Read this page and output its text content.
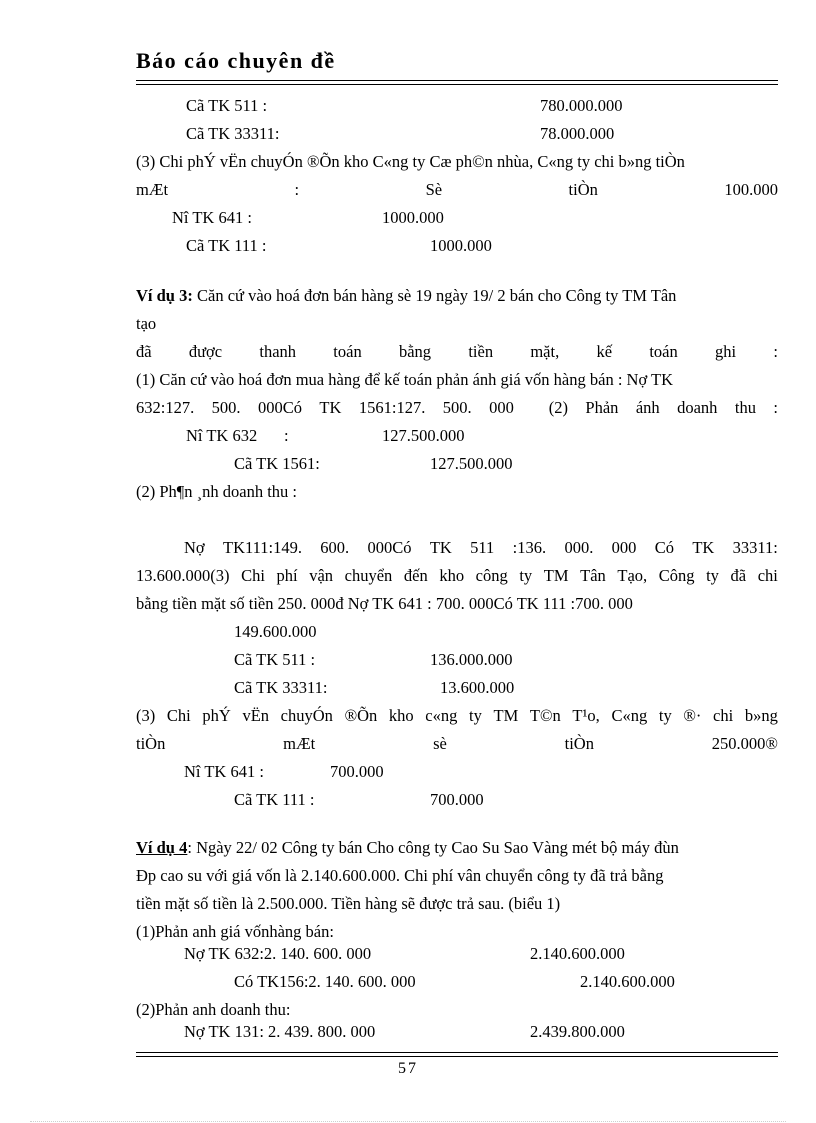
Báo cáo chuyên đề
Cã TK 511 :	780.000.000
Cã TK 33311:	78.000.000
(3) Chi phÝ vËn chuyÓn ®Õn kho C«ng ty Cæ ph©n nhùa, C«ng ty chi b»ng tiÒn
mÆt	:	Sè	tiÒn	100.000
Nî TK 641 :	1000.000
Cã TK 111 :	1000.000
Ví dụ 3: Căn cứ vào hoá đơn bán hàng sè 19 ngày 19/ 2 bán cho Công ty TM Tân
tạo
đã được thanh toán bằng tiền mặt, kế toán ghi :
(1) Căn cứ vào hoá đơn mua hàng để kế toán phản ánh giá vốn hàng bán : Nợ TK
632:127. 500. 000Có TK 1561:127. 500. 000 (2) Phản ánh doanh thu :
Nî TK 632 :	127.500.000
Cã TK 1561:	127.500.000
(2) Ph¶n ¸nh doanh thu :
Nợ TK111:149. 600. 000Có TK 511 :136. 000. 000 Có TK 33311:
13.600.000(3) Chi phí vận chuyển đến kho công ty TM Tân Tạo, Công ty đã chi
bằng tiền mặt số tiền 250. 000đ Nợ TK 641 : 700. 000Có TK 111 :700. 000
149.600.000
Cã TK 511 :	136.000.000
Cã TK 33311:	13.600.000
(3) Chi phÝ vËn chuyÓn ®Õn kho c«ng ty TM T©n T¹o, C«ng ty ®· chi b»ng
tiÒn	mÆt	sè	tiÒn	250.000®
Nî TK 641 :	700.000
Cã TK 111 :	700.000
Ví dụ 4: Ngày 22/ 02 Công ty bán Cho công ty Cao Su Sao Vàng mét bộ máy đùn
Đp cao su với giá vốn là 2.140.600.000. Chi phí vân chuyển công ty đã trả bằng
tiền mặt số tiền là 2.500.000. Tiền hàng sẽ được trả sau. (biểu 1)
(1)Phản anh giá vốnhàng bán:
Nợ TK 632:2. 140. 600. 000	2.140.600.000
Có TK156:2. 140. 600. 000	2.140.600.000
(2)Phản anh doanh thu:
Nợ TK 131: 2. 439. 800. 000	2.439.800.000
57
